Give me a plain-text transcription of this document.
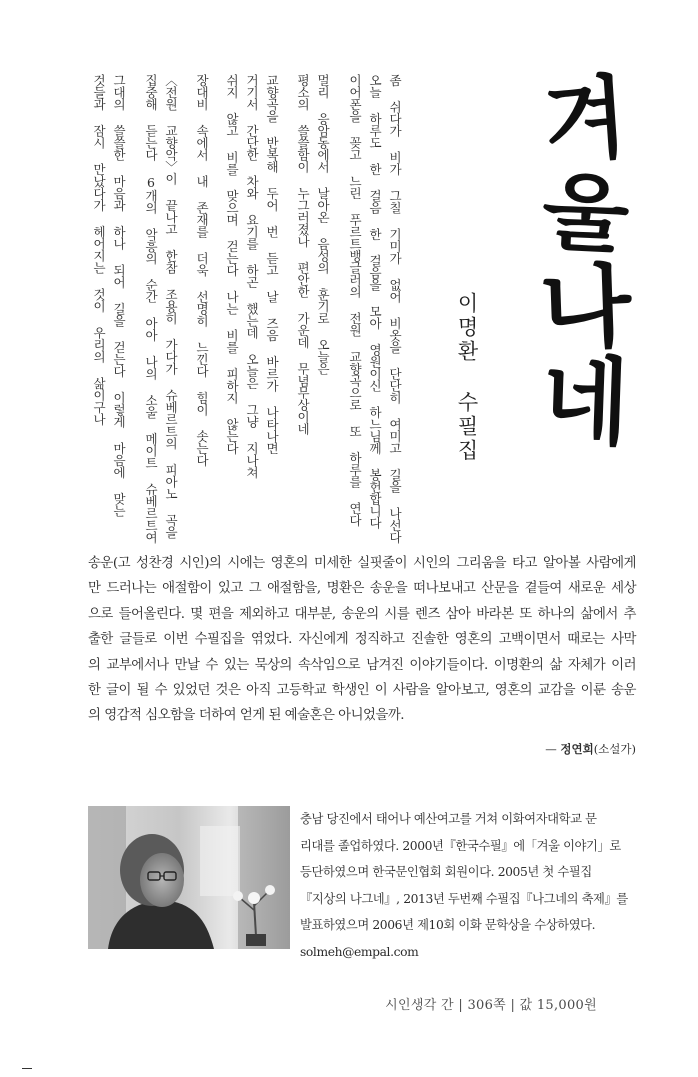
좀 쉬다가 비가 그칠 기미가 없어 비옷을 단단히 여미고 길을 나선다
오늘 하루도 한 걸음 한 걸음을 모아 영원이신 하느님께 봉헌합니다
이어폰을 꽂고 느린 푸르트뱅글러의 전원 교향곡으로 또 하루를 연다
멀리 응암동에서 날아온 음성의 훈기로 오늘은
평소의 쓸쓸함이 누그러졌나 편안한 가운데 무념무상이네
교향곡을 반복해 두어 번 듣고 날 즈음 바르가 나타나면
거기서 간단한 차와 요기를 하곤 했는데 오늘은 그냥 지나쳐
쉬지 않고 비를 맞으며 걷는다 나는 비를 피하지 않는다
장대비 속에서 내 존재를 더욱 선명히 느낀다 힘이 솟는다
〈전원 교향악〉이 끝나고 한참 조용히 가다가 슈베르트의 피아노 곡을
집중해 듣는다 6개의 악흥의 순간 아아 나의 소울 메이트 슈베르트여
그대의 쓸쓸한 마음과 하나 되어 길을 걷는다 이렇게 마음에 맞는
것들과 잠시 만났다가 헤어지는 것이 우리의 삶이구나	겨
울
나
네
이명환 수필집
송운(고 성찬경 시인)의 시에는 영혼의 미세한 실핏줄이 시인의 그리움을 타고 알아볼 사람에게
만 드러나는 애절함이 있고 그 애절함을, 명환은 송운을 떠나보내고 산문을 곁들여 새로운 세상
으로 들어올린다. 몇 편을 제외하고 대부분, 송운의 시를 렌즈 삼아 바라본 또 하나의 삶에서 추
출한 글들로 이번 수필집을 엮었다. 자신에게 정직하고 진솔한 영혼의 고백이면서 때로는 사막
의 교부에서나 만날 수 있는 묵상의 속삭임으로 남겨진 이야기들이다. 이명환의 삶 자체가 이러
한 글이 될 수 있었던 것은 아직 고등학교 학생인 이 사람을 알아보고, 영혼의 교감을 이룬 송운
의 영감적 심오함을 더하여 얻게 된 예술혼은 아니었을까.
— 정연희(소설가)
충남 당진에서 태어나 예산여고를 거쳐 이화여자대학교 문
리대를 졸업하였다. 2000년『한국수필』에「겨울 이야기」로
등단하였으며 한국문인협회 회원이다. 2005년 첫 수필집
『지상의 나그네』, 2013년 두번째 수필집『나그네의 축제』를
발표하였으며 2006년 제10회 이화 문학상을 수상하였다.
solmeh@empal.com
시인생각 간 | 306쪽 | 값 15,000원
